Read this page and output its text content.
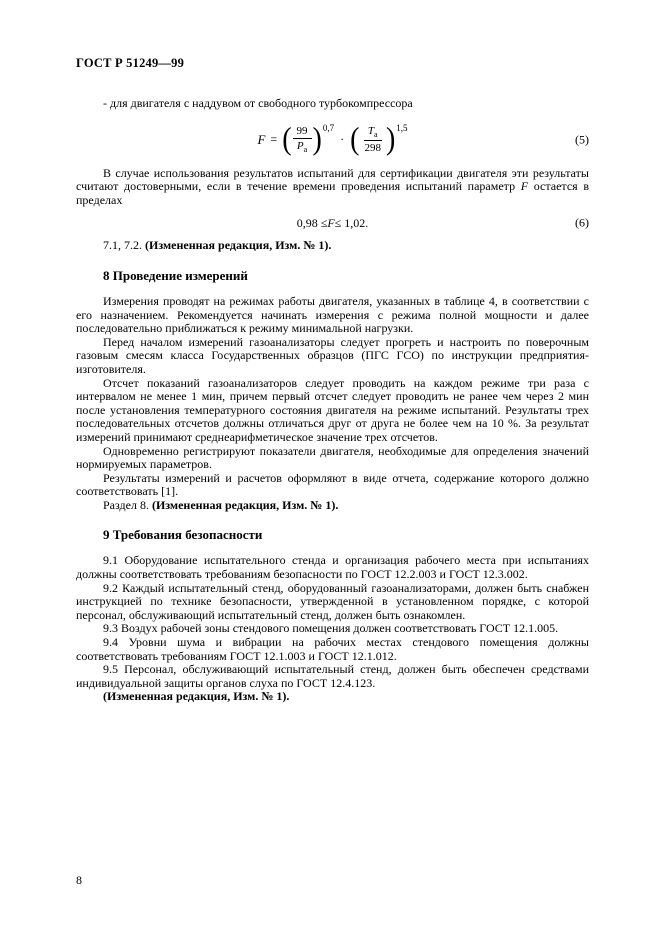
ГОСТ Р 51249—99

- для двигателя с наддувом от свободного турбокомпрессора

F = ( $\frac{99}{P_а} )^{0,7}$
· ( $\frac{T_а}{298} )^{1,5}$
(5)

В случае использования результатов испытаний для сертификации двигателя эти результаты считают достоверными, если в течение времени проведения испытаний параметр F остается в пределах

0,98 ≤ F ≤ 1,02.	(6)

7.1, 7.2. (Измененная редакция, Изм. № 1).

8 Проведение измерений

Измерения проводят на режимах работы двигателя, указанных в таблице 4, в соответствии с его назначением. Рекомендуется начинать измерения с режима полной мощности и далее последовательно приближаться к режиму минимальной нагрузки.

Перед началом измерений газоанализаторы следует прогреть и настроить по поверочным газовым смесям класса Государственных образцов (ПГС ГСО) по инструкции предприятия-изготовителя.

Отсчет показаний газоанализаторов следует проводить на каждом режиме три раза с интервалом не менее 1 мин, причем первый отсчет следует проводить не ранее чем через 2 мин после установления температурного состояния двигателя на режиме испытаний. Результаты трех последовательных отсчетов должны отличаться друг от друга не более чем на 10 %. За результат измерений принимают среднеарифметическое значение трех отсчетов.

Одновременно регистрируют показатели двигателя, необходимые для определения значений нормируемых параметров.

Результаты измерений и расчетов оформляют в виде отчета, содержание которого должно соответствовать [1].

Раздел 8. (Измененная редакция, Изм. № 1).

9 Требования безопасности

9.1 Оборудование испытательного стенда и организация рабочего места при испытаниях должны соответствовать требованиям безопасности по ГОСТ 12.2.003 и ГОСТ 12.3.002.

9.2 Каждый испытательный стенд, оборудованный газоанализаторами, должен быть снабжен инструкцией по технике безопасности, утвержденной в установленном порядке, с которой персонал, обслуживающий испытательный стенд, должен быть ознакомлен.

9.3 Воздух рабочей зоны стендового помещения должен соответствовать ГОСТ 12.1.005.

9.4 Уровни шума и вибрации на рабочих местах стендового помещения должны соответствовать требованиям ГОСТ 12.1.003 и ГОСТ 12.1.012.

9.5 Персонал, обслуживающий испытательный стенд, должен быть обеспечен средствами индивидуальной защиты органов слуха по ГОСТ 12.4.123.

(Измененная редакция, Изм. № 1).

8
